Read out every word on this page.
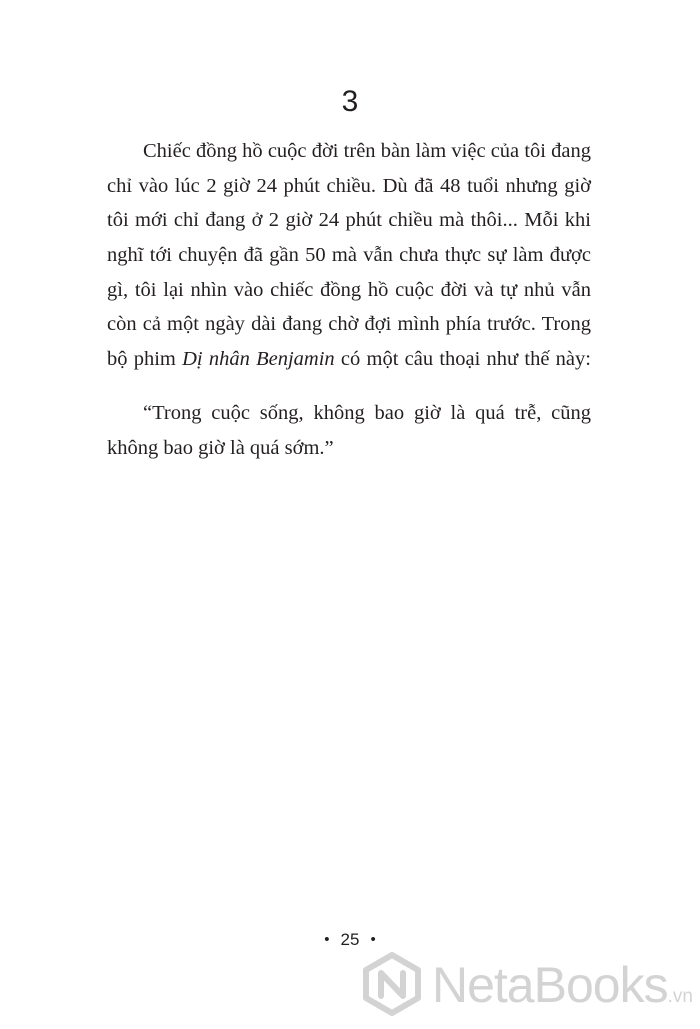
3
Chiếc đồng hồ cuộc đời trên bàn làm việc của tôi đang
chỉ vào lúc 2 giờ 24 phút chiều. Dù đã 48 tuổi nhưng giờ
tôi mới chỉ đang ở 2 giờ 24 phút chiều mà thôi... Mỗi khi
nghĩ tới chuyện đã gần 50 mà vẫn chưa thực sự làm được
gì, tôi lại nhìn vào chiếc đồng hồ cuộc đời và tự nhủ vẫn
còn cả một ngày dài đang chờ đợi mình phía trước. Trong
bộ phim Dị nhân Benjamin có một câu thoại như thế này:
“Trong cuộc sống, không bao giờ là quá trễ, cũng
không bao giờ là quá sớm.”
• 25 •
NetaBooks.vn
